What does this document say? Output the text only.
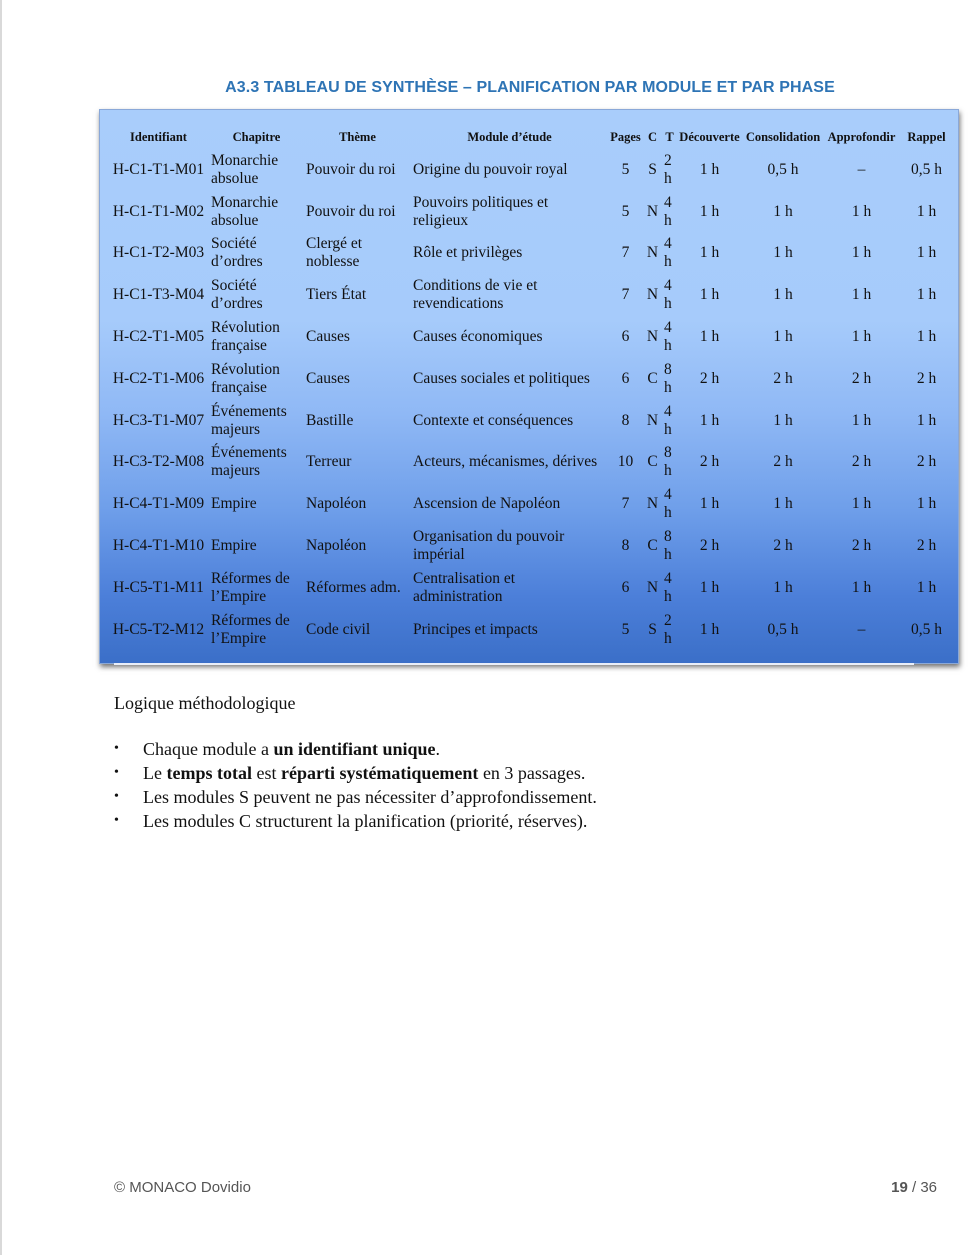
A3.3 TABLEAU DE SYNTHÈSE – PLANIFICATION PAR MODULE ET PAR PHASE
Identifiant	Chapitre	Thème	Module d’étude	Pages	C	T	Découverte	Consolidation	Approfondir	Rappel
H-C1-T1-M01	Monarchie absolue	Pouvoir du roi	Origine du pouvoir royal	5	S	2 h	1 h	0,5 h	–	0,5 h
H-C1-T1-M02	Monarchie absolue	Pouvoir du roi	Pouvoirs politiques et religieux	5	N	4 h	1 h	1 h	1 h	1 h
H-C1-T2-M03	Société d’ordres	Clergé et noblesse	Rôle et privilèges	7	N	4 h	1 h	1 h	1 h	1 h
H-C1-T3-M04	Société d’ordres	Tiers État	Conditions de vie et revendications	7	N	4 h	1 h	1 h	1 h	1 h
H-C2-T1-M05	Révolution française	Causes	Causes économiques	6	N	4 h	1 h	1 h	1 h	1 h
H-C2-T1-M06	Révolution française	Causes	Causes sociales et politiques	6	C	8 h	2 h	2 h	2 h	2 h
H-C3-T1-M07	Événements majeurs	Bastille	Contexte et conséquences	8	N	4 h	1 h	1 h	1 h	1 h
H-C3-T2-M08	Événements majeurs	Terreur	Acteurs, mécanismes, dérives	10	C	8 h	2 h	2 h	2 h	2 h
H-C4-T1-M09	Empire	Napoléon	Ascension de Napoléon	7	N	4 h	1 h	1 h	1 h	1 h
H-C4-T1-M10	Empire	Napoléon	Organisation du pouvoir impérial	8	C	8 h	2 h	2 h	2 h	2 h
H-C5-T1-M11	Réformes de l’Empire	Réformes adm.	Centralisation et administration	6	N	4 h	1 h	1 h	1 h	1 h
H-C5-T2-M12	Réformes de l’Empire	Code civil	Principes et impacts	5	S	2 h	1 h	0,5 h	–	0,5 h
Logique méthodologique
• Chaque module a un identifiant unique.
• Le temps total est réparti systématiquement en 3 passages.
• Les modules S peuvent ne pas nécessiter d’approfondissement.
• Les modules C structurent la planification (priorité, réserves).
© MONACO Dovidio	19 / 36
